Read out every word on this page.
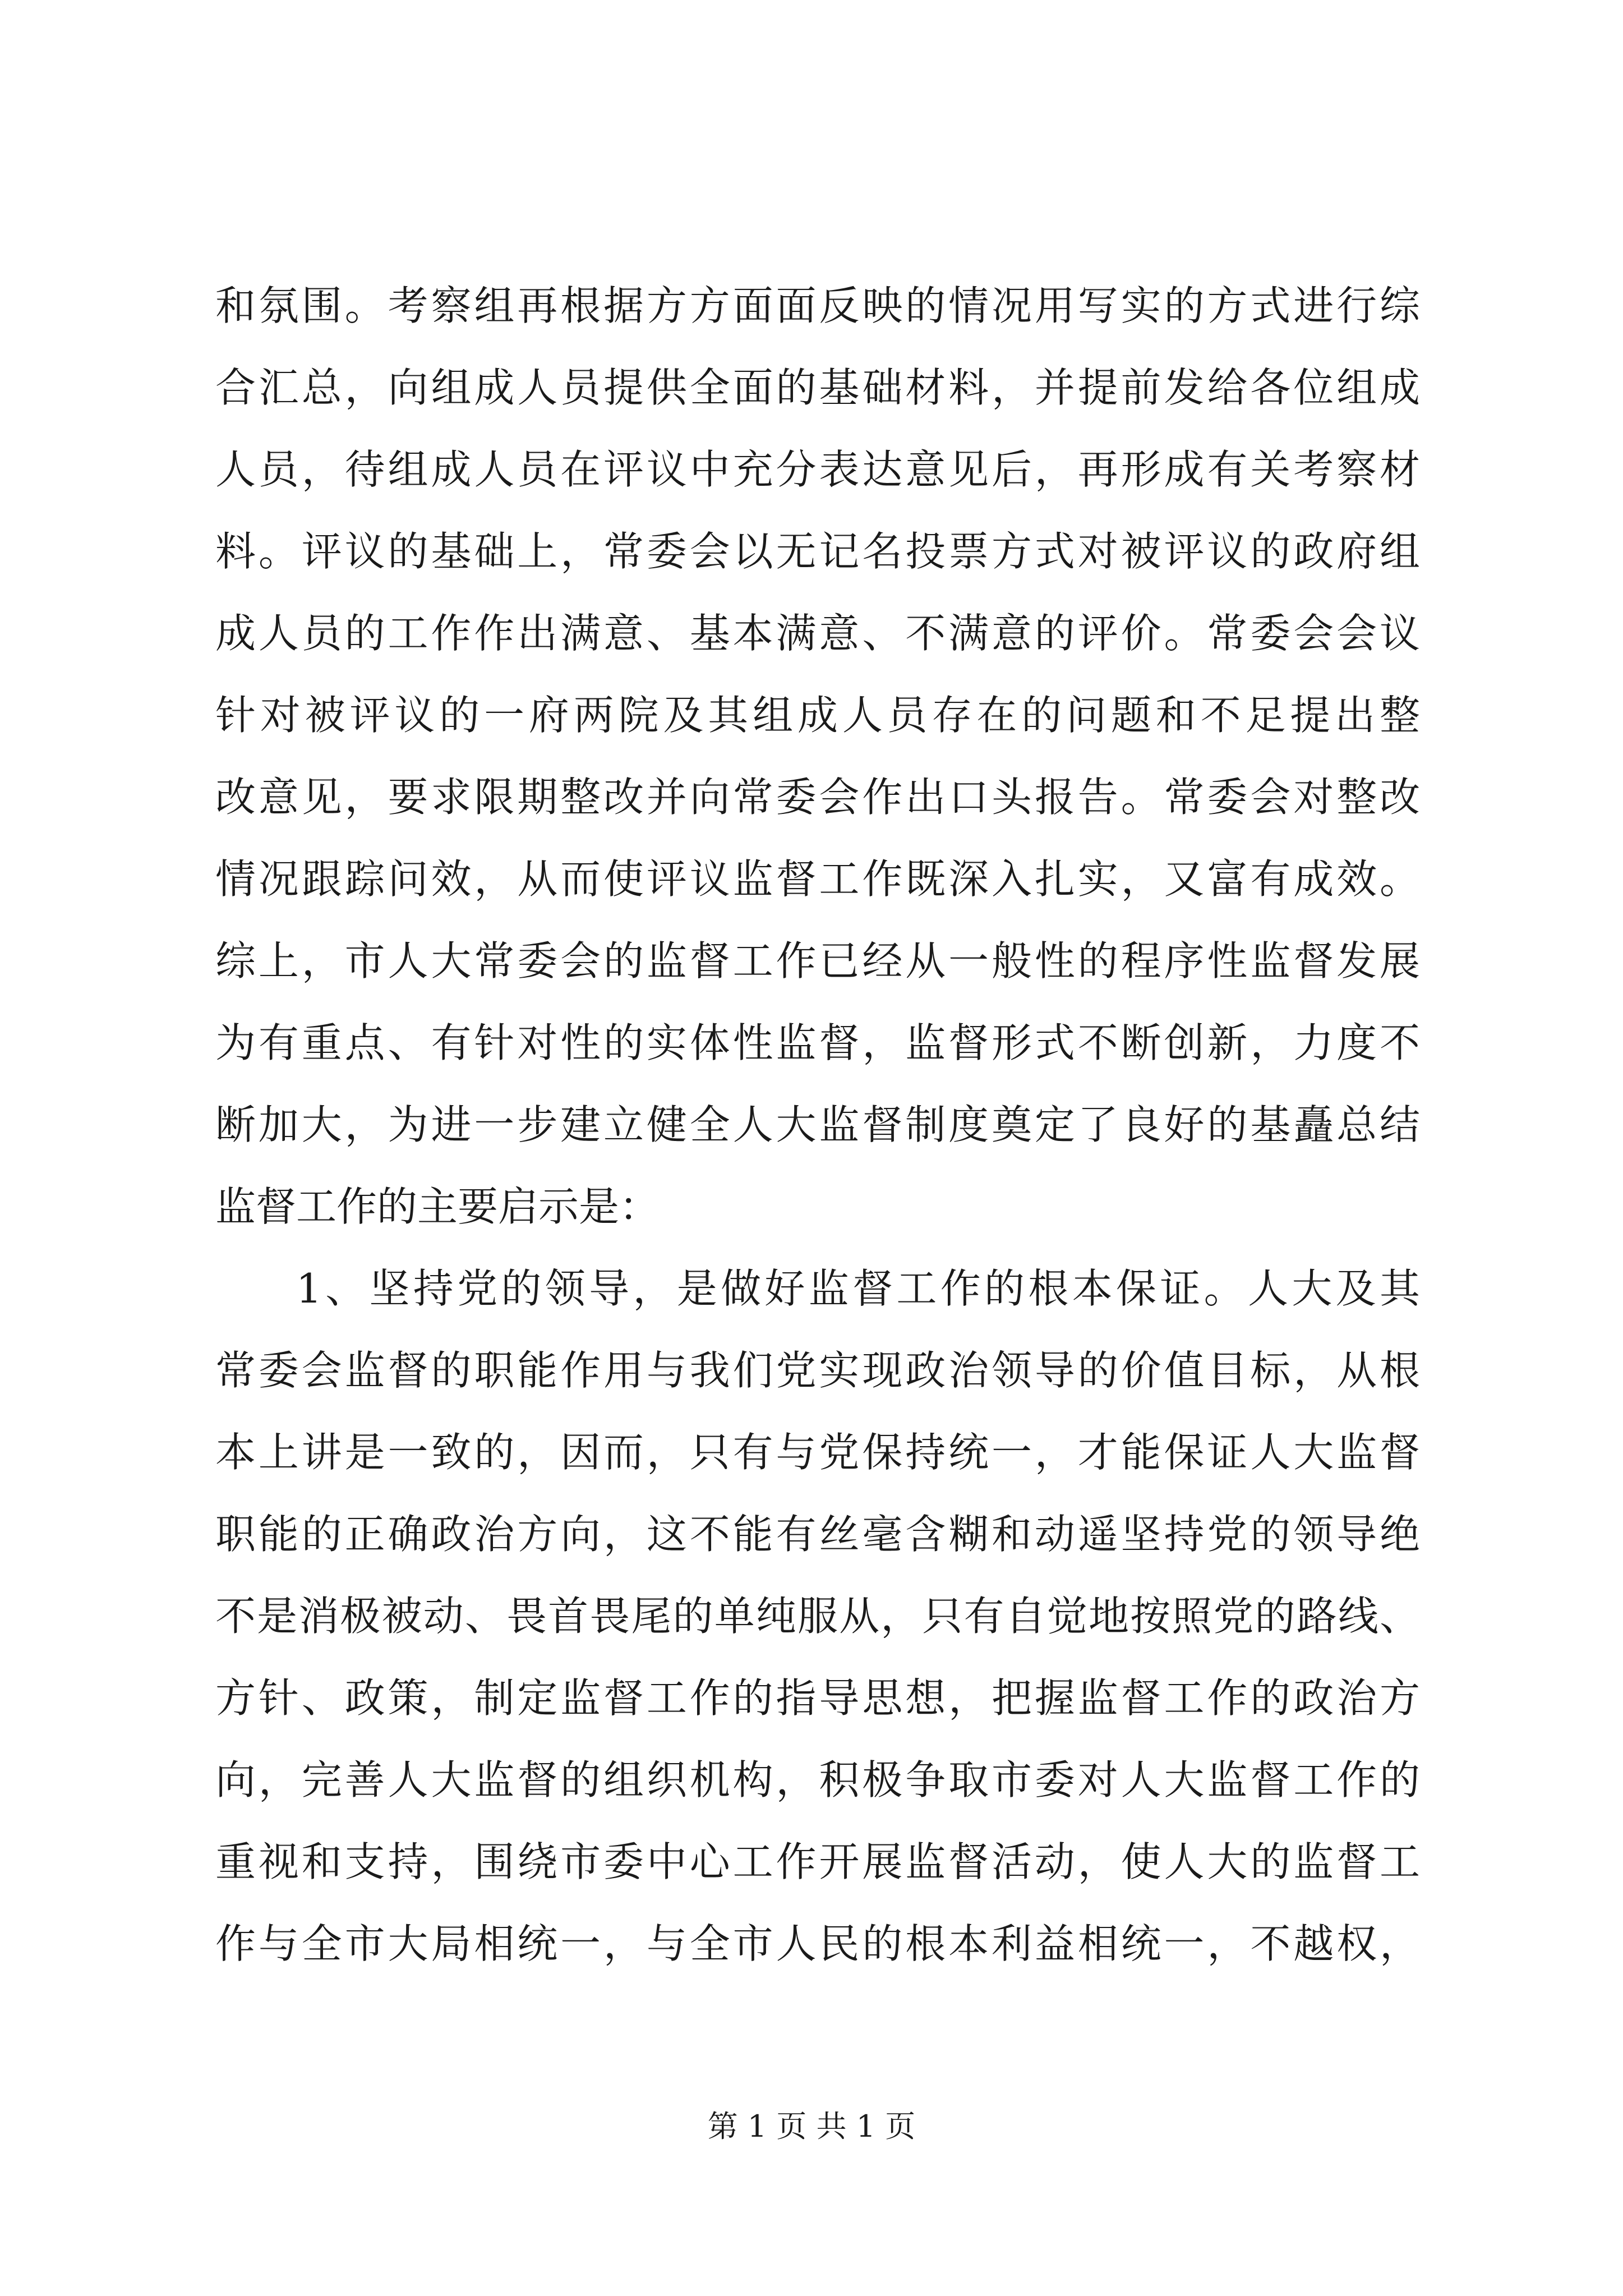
和氛围。考察组再根据方方面面反映的情况用写实的方式进行综
合汇总，向组成人员提供全面的基础材料，并提前发给各位组成
人员，待组成人员在评议中充分表达意见后，再形成有关考察材
料。评议的基础上，常委会以无记名投票方式对被评议的政府组
成人员的工作作出满意、基本满意、不满意的评价。常委会会议
针对被评议的一府两院及其组成人员存在的问题和不足提出整
改意见，要求限期整改并向常委会作出口头报告。常委会对整改
情况跟踪问效，从而使评议监督工作既深入扎实，又富有成效。
综上，市人大常委会的监督工作已经从一般性的程序性监督发展
为有重点、有针对性的实体性监督，监督形式不断创新，力度不
断加大，为进一步建立健全人大监督制度奠定了良好的基矗总结
监督工作的主要启示是：
1、坚持党的领导，是做好监督工作的根本保证。人大及其
常委会监督的职能作用与我们党实现政治领导的价值目标，从根
本上讲是一致的，因而，只有与党保持统一，才能保证人大监督
职能的正确政治方向，这不能有丝毫含糊和动遥坚持党的领导绝
不是消极被动、畏首畏尾的单纯服从，只有自觉地按照党的路线、
方针、政策，制定监督工作的指导思想，把握监督工作的政治方
向，完善人大监督的组织机构，积极争取市委对人大监督工作的
重视和支持，围绕市委中心工作开展监督活动，使人大的监督工
作与全市大局相统一，与全市人民的根本利益相统一，不越权，
第 1 页 共 1 页
